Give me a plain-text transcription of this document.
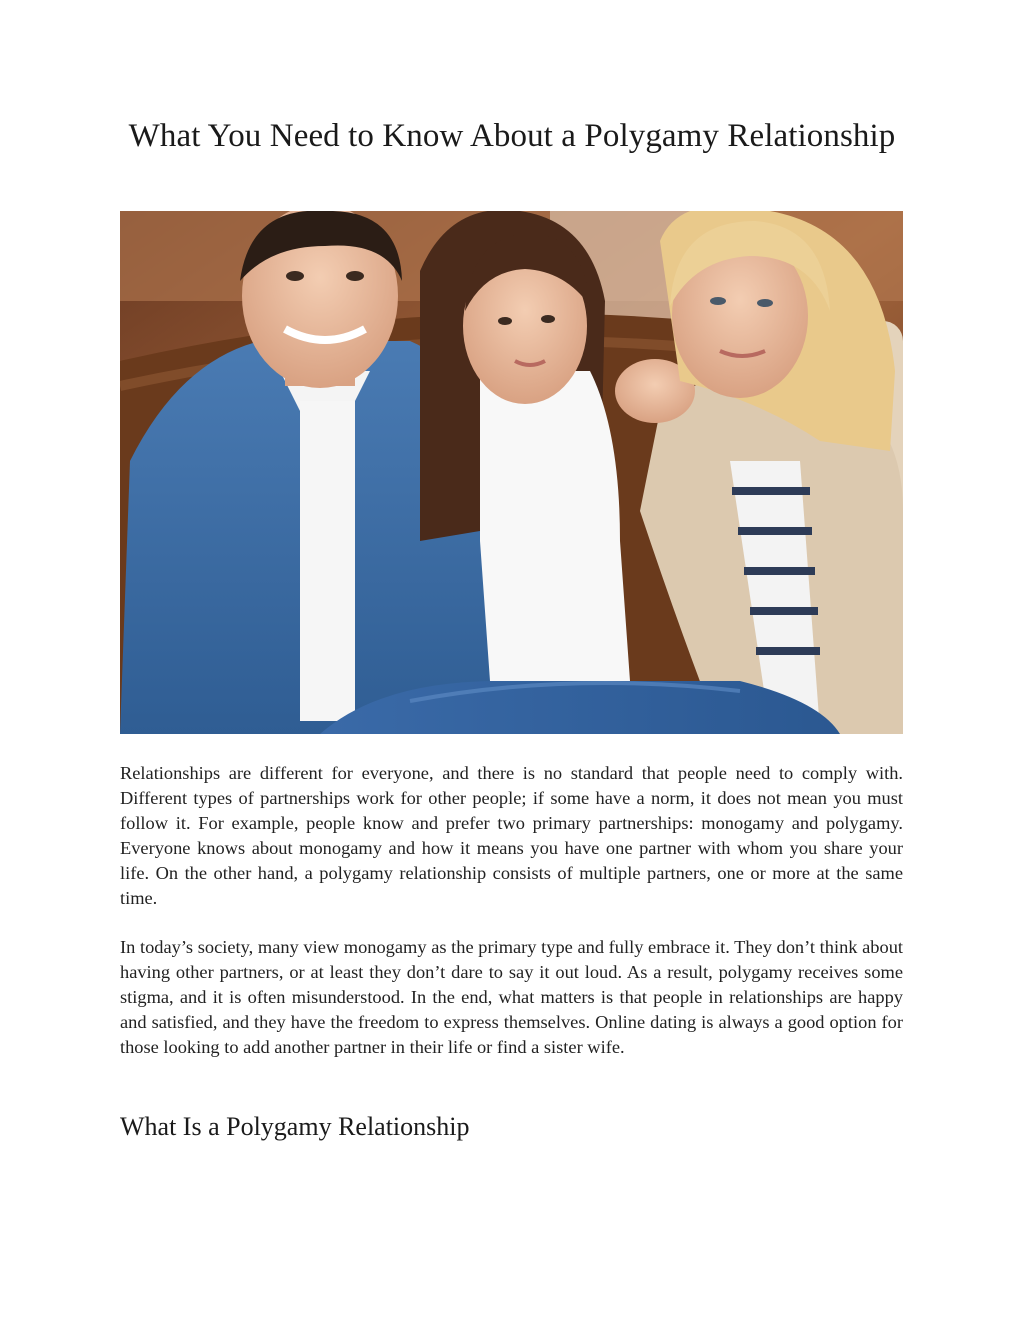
What You Need to Know About a Polygamy Relationship

Relationships are different for everyone, and there is no standard that people need to comply with. Different types of partnerships work for other people; if some have a norm, it does not mean you must follow it. For example, people know and prefer two primary partnerships: monogamy and polygamy. Everyone knows about monogamy and how it means you have one partner with whom you share your life. On the other hand, a polygamy relationship consists of multiple partners, one or more at the same time.

In today’s society, many view monogamy as the primary type and fully embrace it. They don’t think about having other partners, or at least they don’t dare to say it out loud. As a result, polygamy receives some stigma, and it is often misunderstood. In the end, what matters is that people in relationships are happy and satisfied, and they have the freedom to express themselves. Online dating is always a good option for those looking to add another partner in their life or find a sister wife.

What Is a Polygamy Relationship
